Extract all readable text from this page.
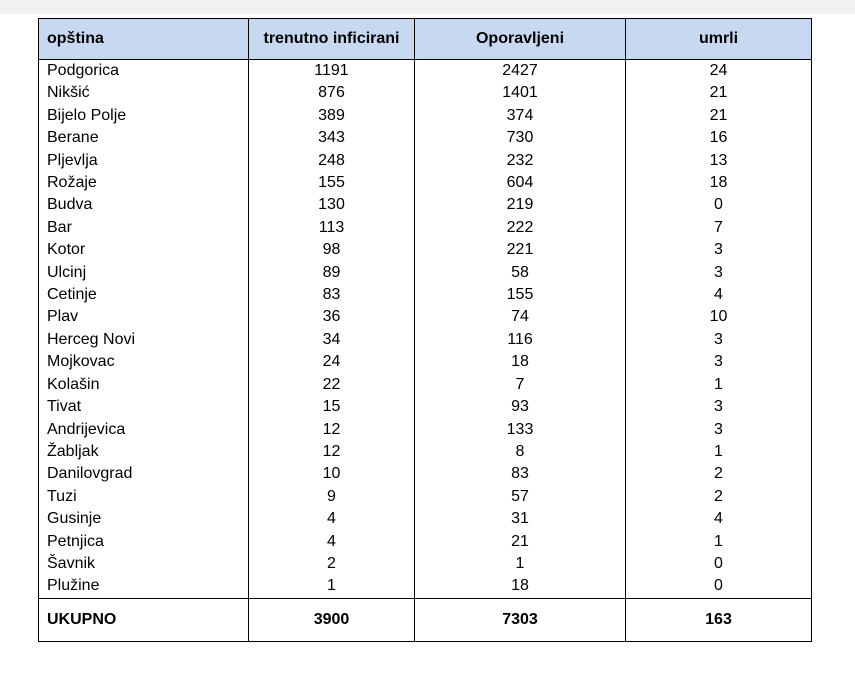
opština	trenutno inficirani	Oporavljeni	umrli
Podgorica	1191	2427	24
Nikšić	876	1401	21
Bijelo Polje	389	374	21
Berane	343	730	16
Pljevlja	248	232	13
Rožaje	155	604	18
Budva	130	219	0
Bar	113	222	7
Kotor	98	221	3
Ulcinj	89	58	3
Cetinje	83	155	4
Plav	36	74	10
Herceg Novi	34	116	3
Mojkovac	24	18	3
Kolašin	22	7	1
Tivat	15	93	3
Andrijevica	12	133	3
Žabljak	12	8	1
Danilovgrad	10	83	2
Tuzi	9	57	2
Gusinje	4	31	4
Petnjica	4	21	1
Šavnik	2	1	0
Plužine	1	18	0
UKUPNO	3900	7303	163
